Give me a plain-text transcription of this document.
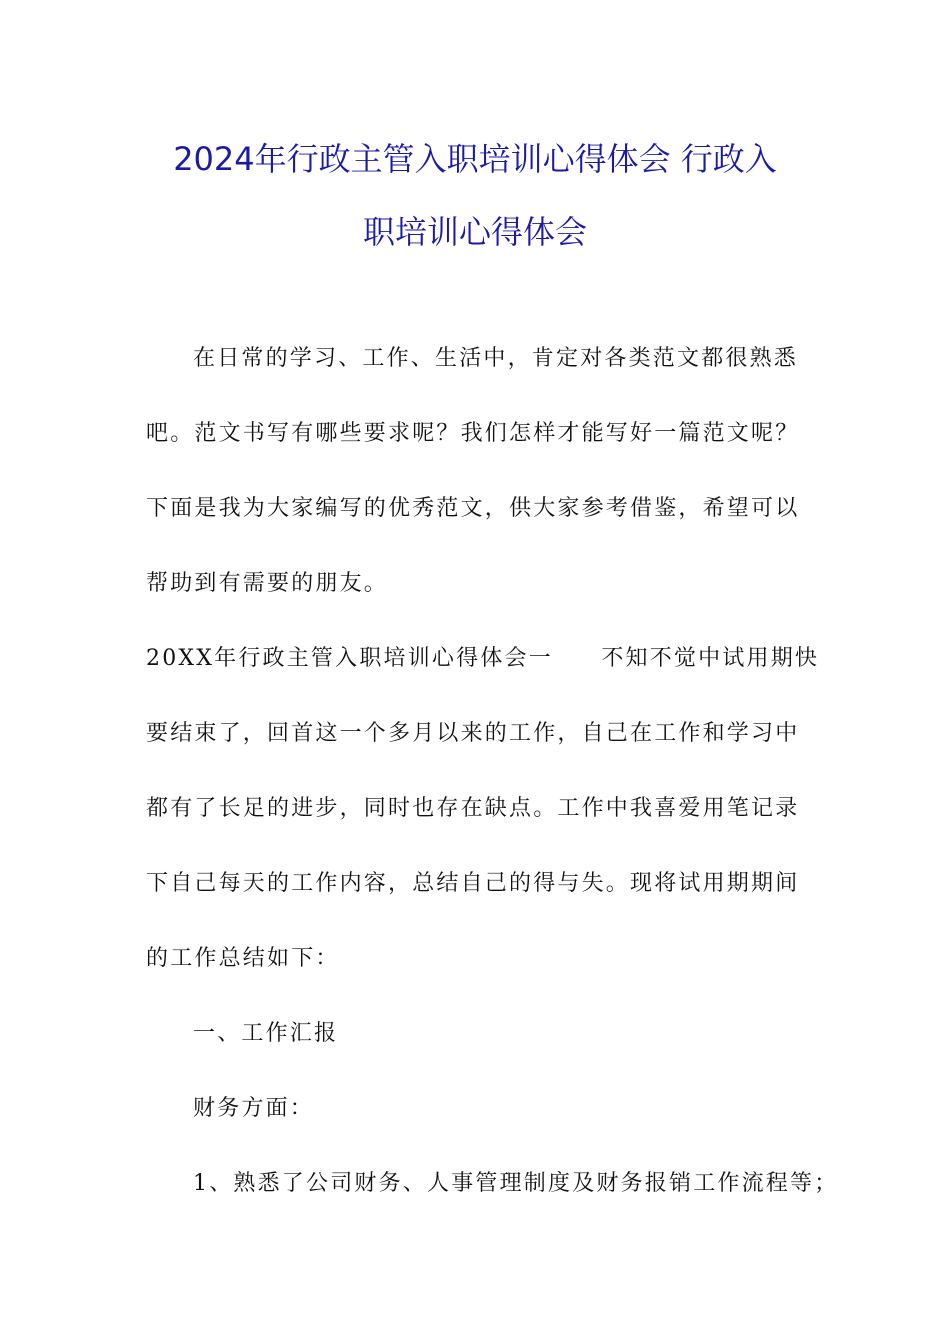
2024年行政主管入职培训心得体会 行政入
职培训心得体会
在日常的学习、工作、生活中，肯定对各类范文都很熟悉
吧。范文书写有哪些要求呢？我们怎样才能写好一篇范文呢？
下面是我为大家编写的优秀范文，供大家参考借鉴，希望可以
帮助到有需要的朋友。
20XX年行政主管入职培训心得体会一　　不知不觉中试用期快
要结束了，回首这一个多月以来的工作，自己在工作和学习中
都有了长足的进步，同时也存在缺点。工作中我喜爱用笔记录
下自己每天的工作内容，总结自己的得与失。现将试用期期间
的工作总结如下：
一、工作汇报
财务方面：
1、熟悉了公司财务、人事管理制度及财务报销工作流程等；
